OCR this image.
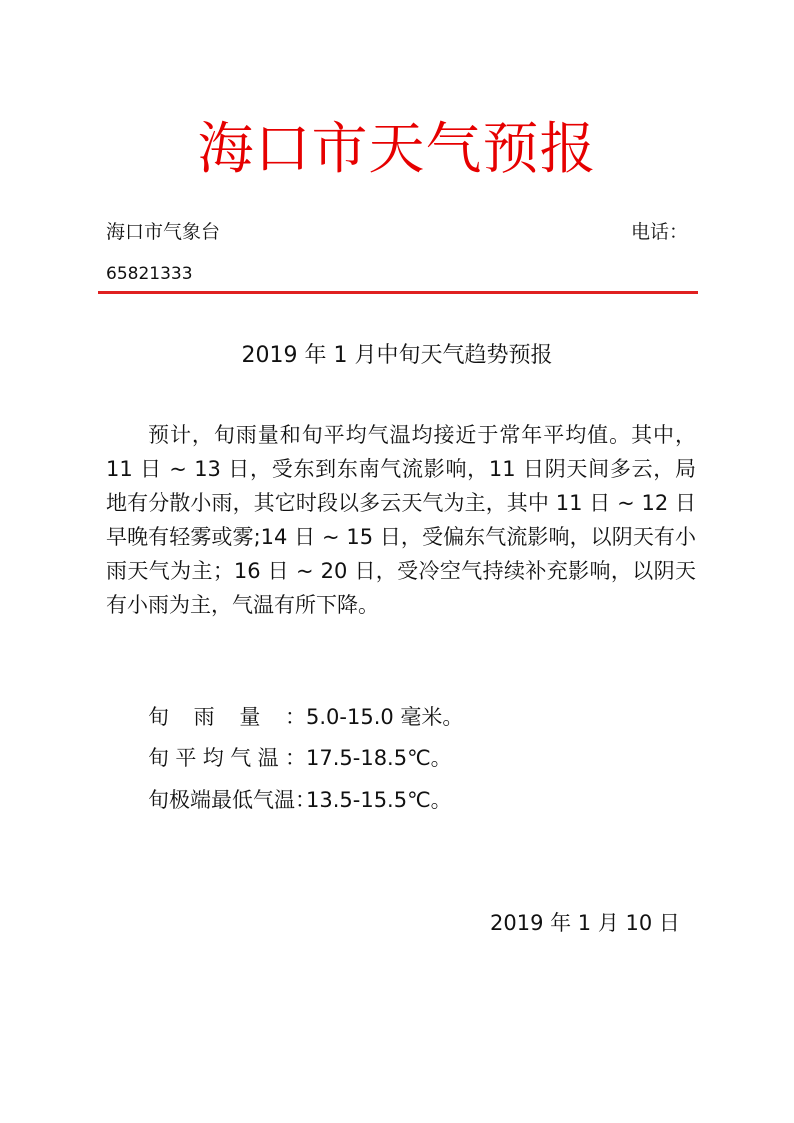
海口市天气预报
海口市气象台	电话：
65821333
2019 年 1 月中旬天气趋势预报

预计，旬雨量和旬平均气温均接近于常年平均值。其中，11 日 ~ 13 日，受东到东南气流影响，11 日阴天间多云，局地有分散小雨，其它时段以多云天气为主，其中 11 日 ~ 12 日早晚有轻雾或雾;14 日 ~ 15 日，受偏东气流影响，以阴天有小雨天气为主；16 日 ~ 20 日，受冷空气持续补充影响，以阴天有小雨为主，气温有所下降。

旬雨量：5.0-15.0 毫米。
旬平均气温：17.5-18.5℃。
旬极端最低气温：13.5-15.5℃。
2019 年 1 月 10 日
